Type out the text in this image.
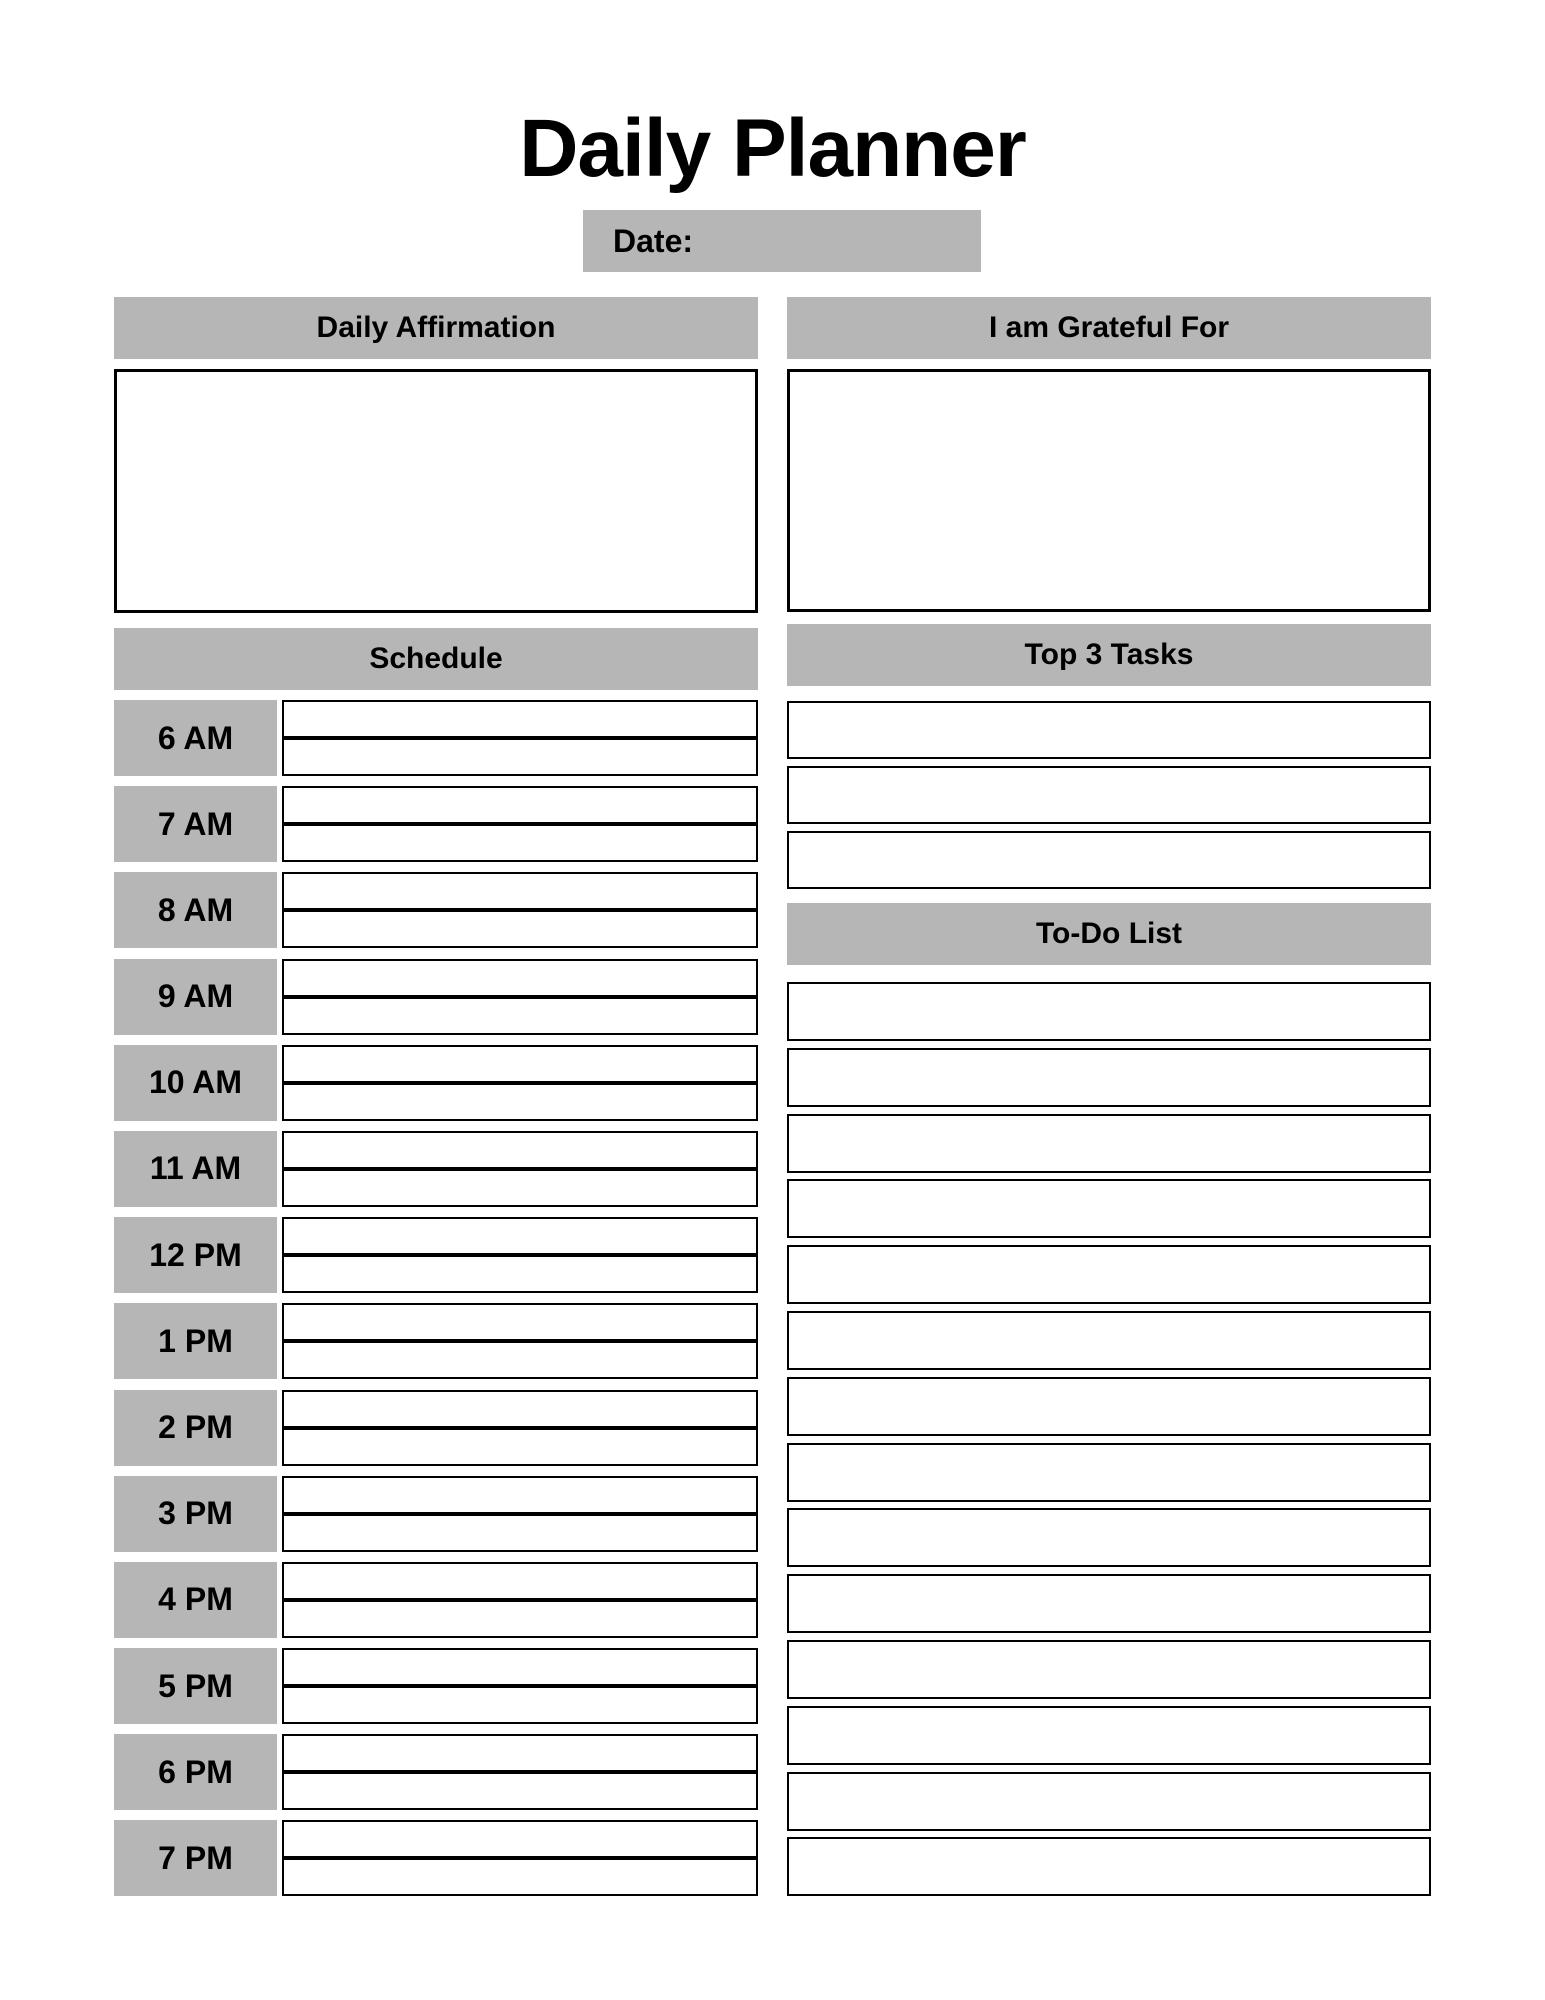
Daily Planner
Date:
Daily Affirmation
Schedule
6 AM
7 AM
8 AM
9 AM
10 AM
11 AM
12 PM
1 PM
2 PM
3 PM
4 PM
5 PM
6 PM
7 PM
I am Grateful For
Top 3 Tasks
To-Do List
